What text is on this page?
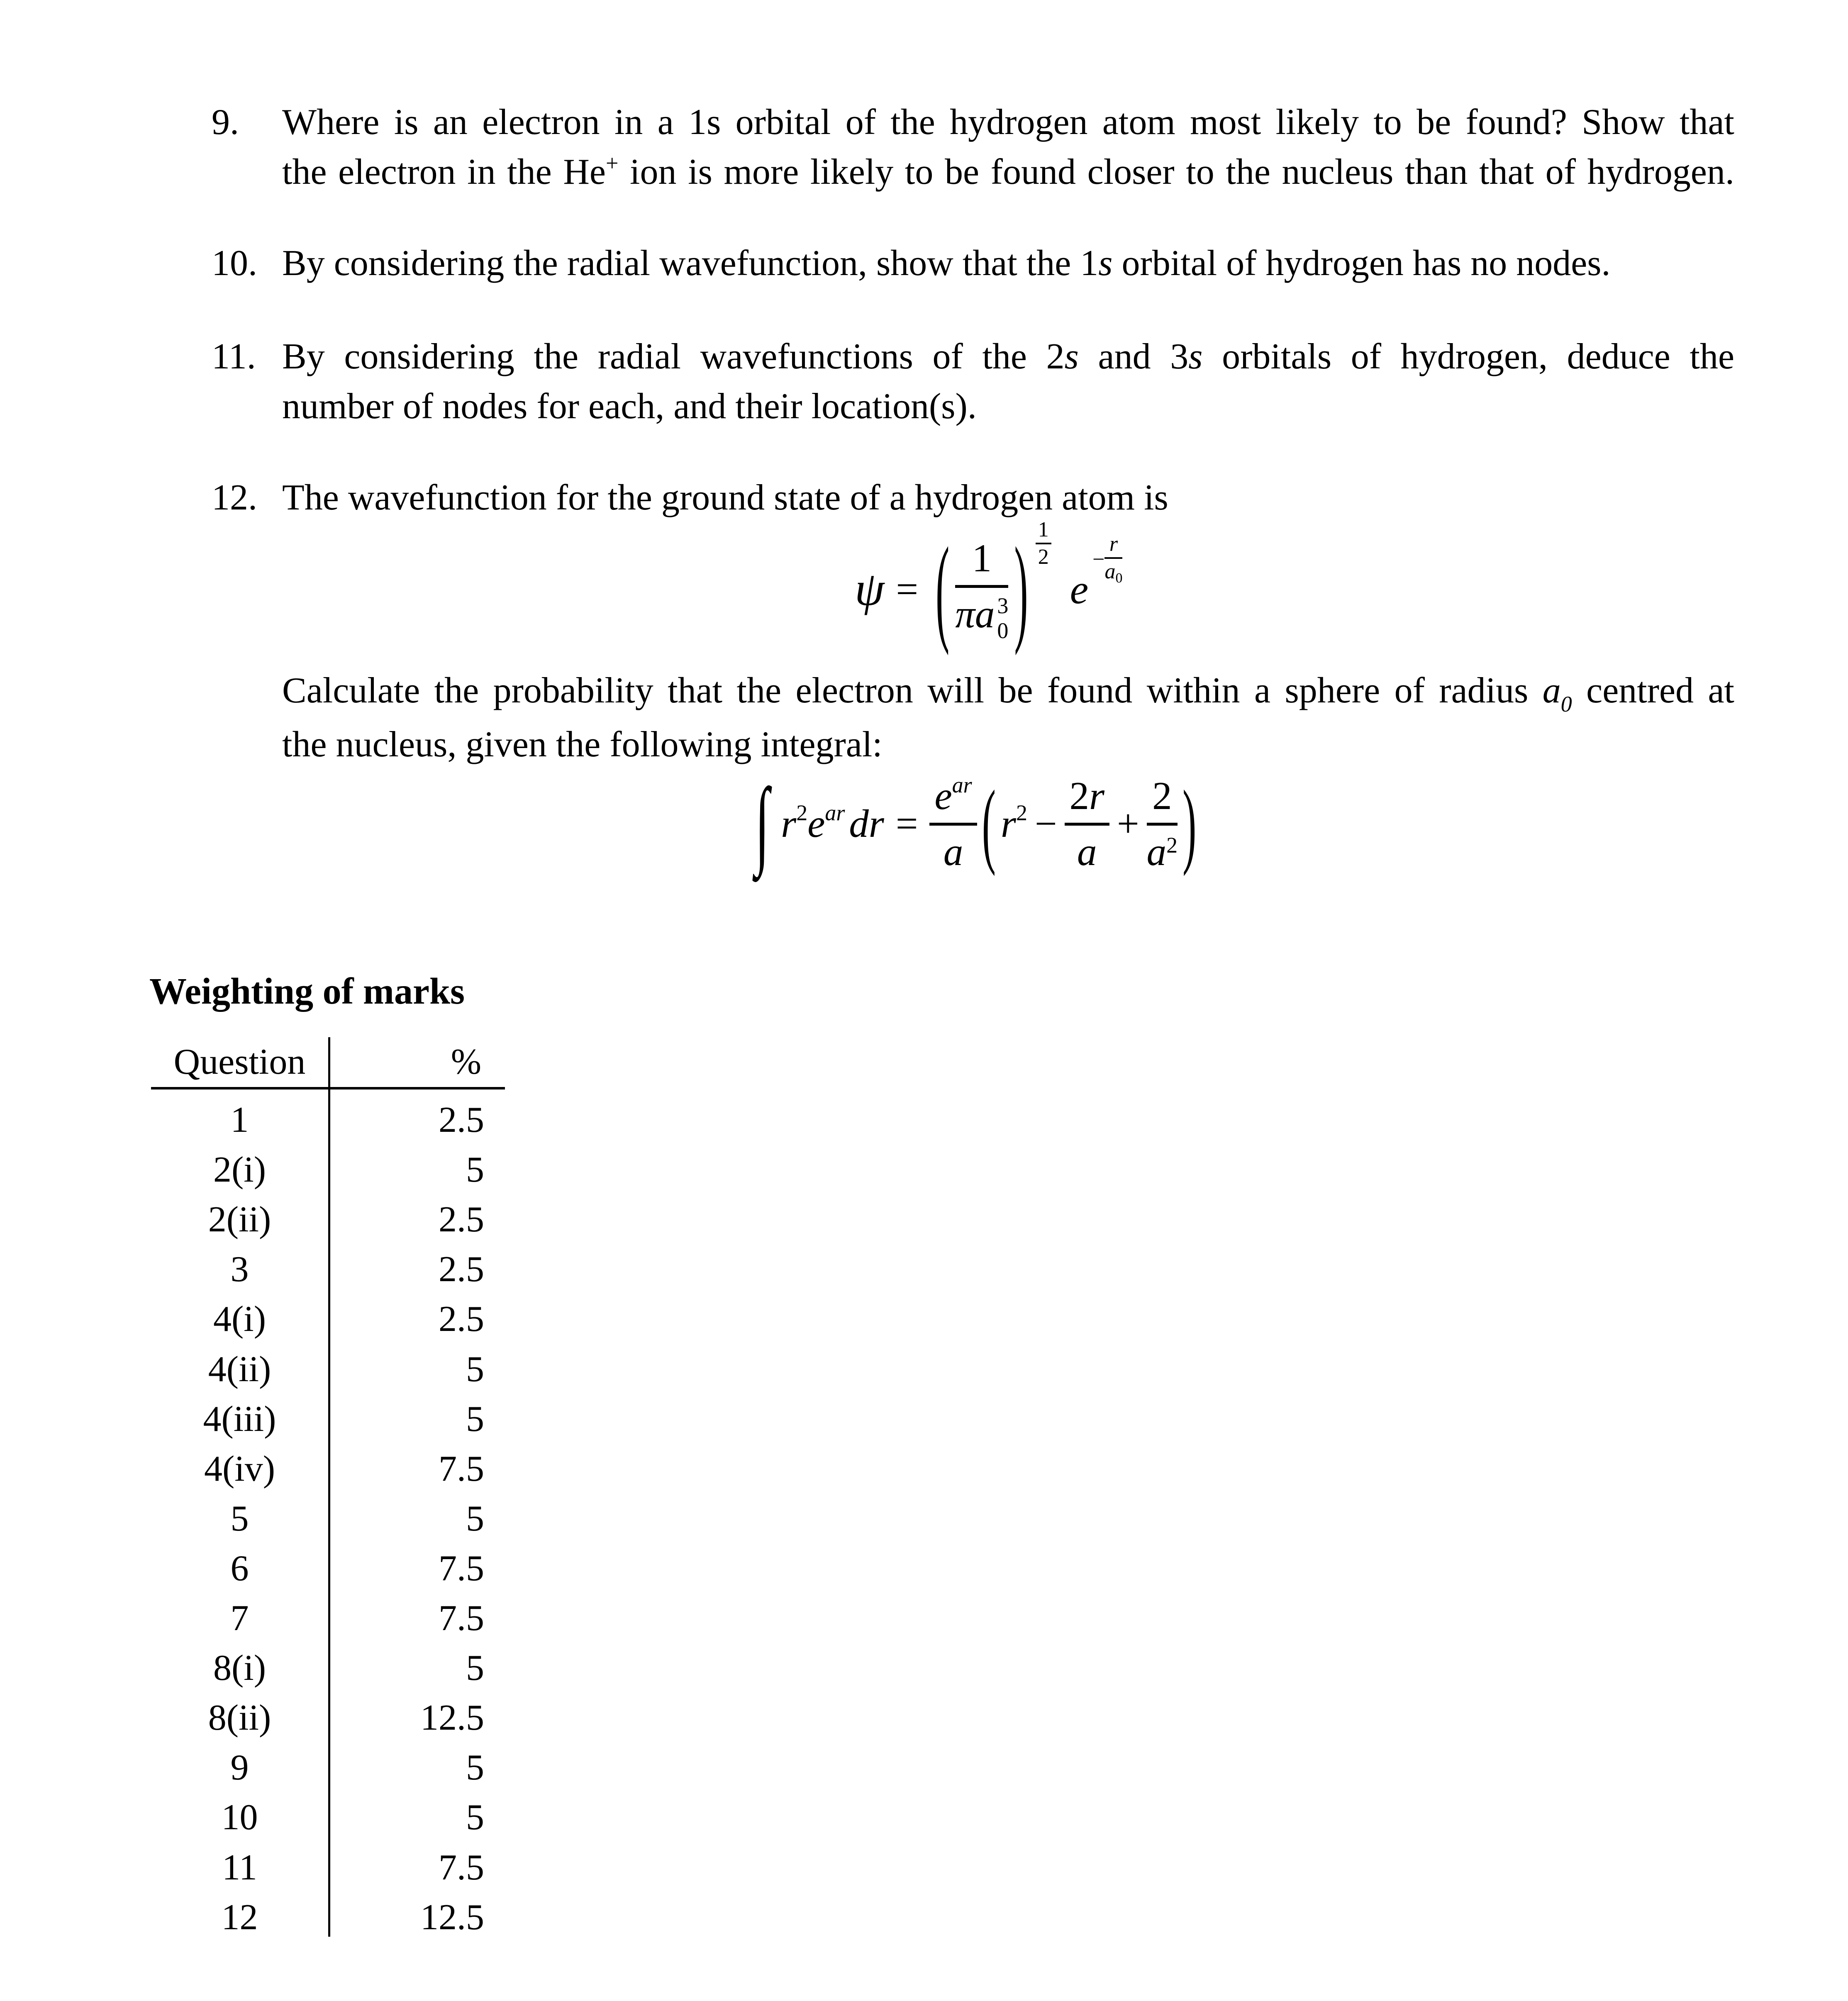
9. Where is an electron in a 1s orbital of the hydrogen atom most likely to be found? Show that
the electron in the He+ ion is more likely to be found closer to the nucleus than that of hydrogen.
10. By considering the radial wavefunction, show that the 1s orbital of hydrogen has no nodes.
11. By considering the radial wavefunctions of the 2s and 3s orbitals of hydrogen, deduce the
number of nodes for each, and their location(s).
12. The wavefunction for the ground state of a hydrogen atom is
ψ = ( 1
πa 3
0 ) $\frac{1}{2}$
e
− $\frac{r}{a0}$
Calculate the probability that the electron will be found within a sphere of radius $a_0$ centred at
the nucleus, given the following integral:
∫ $r^2e^{ar}$ dr = $\frac{e^{ar}}{a}$ ( $r^2 - \frac{2r}{a} + \frac{2}{a^2}$ )
Weighting of marks
Question	%
1	2.5
2(i)	5
2(ii)	2.5
3	2.5
4(i)	2.5
4(ii)	5
4(iii)	5
4(iv)	7.5
5	5
6	7.5
7	7.5
8(i)	5
8(ii)	12.5
9	5
10	5
11	7.5
12	12.5
